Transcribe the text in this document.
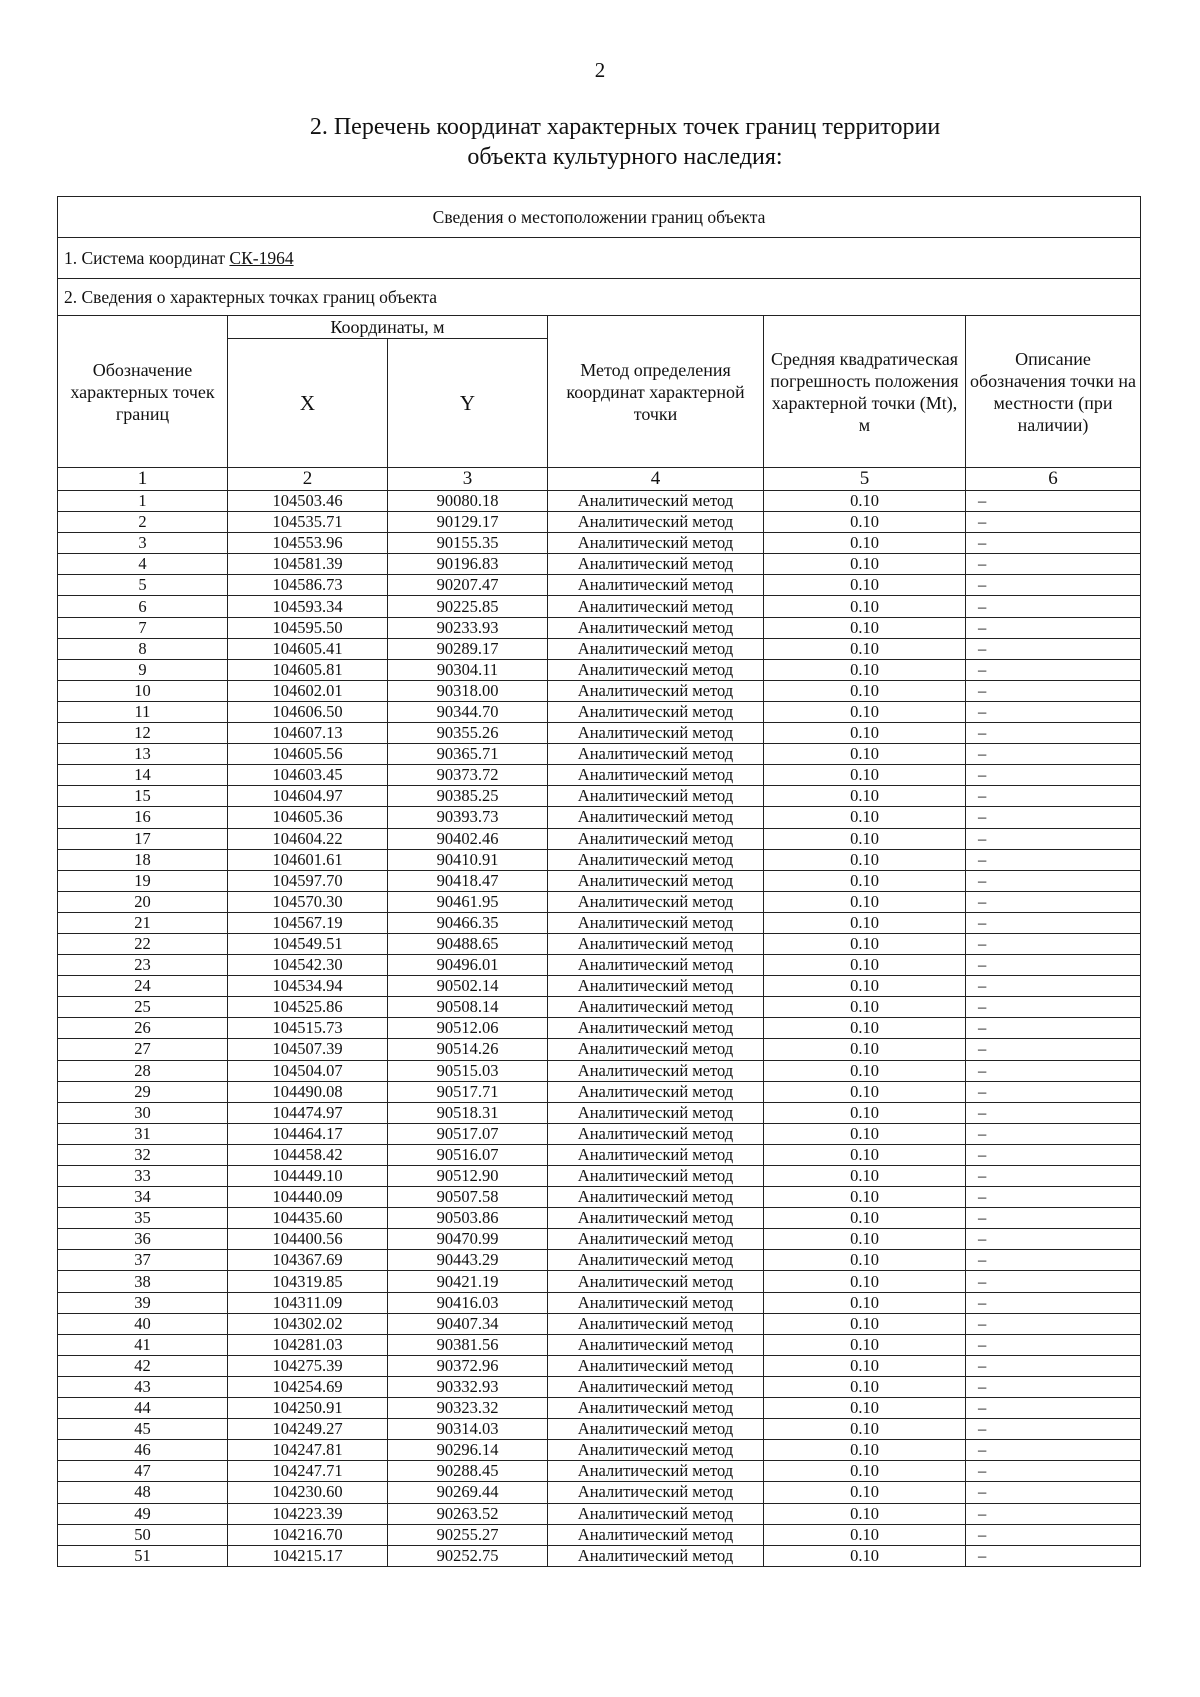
2
2. Перечень координат характерных точек границ территории
объекта культурного наследия:
Сведения о местоположении границ объекта					
1. Система координат СК-1964					
2. Сведения о характерных точках границ объекта					
Обозначение характерных точек границ	Координаты, м		Метод определения координат характерной точки	Средняя квадратическая погрешность положения характерной точки (Mt), м	Описание обозначения точки на местности (при наличии)
	X	Y			
1	2	3	4	5	6
1	104503.46	90080.18	Аналитический метод	0.10	–
2	104535.71	90129.17	Аналитический метод	0.10	–
3	104553.96	90155.35	Аналитический метод	0.10	–
4	104581.39	90196.83	Аналитический метод	0.10	–
5	104586.73	90207.47	Аналитический метод	0.10	–
6	104593.34	90225.85	Аналитический метод	0.10	–
7	104595.50	90233.93	Аналитический метод	0.10	–
8	104605.41	90289.17	Аналитический метод	0.10	–
9	104605.81	90304.11	Аналитический метод	0.10	–
10	104602.01	90318.00	Аналитический метод	0.10	–
11	104606.50	90344.70	Аналитический метод	0.10	–
12	104607.13	90355.26	Аналитический метод	0.10	–
13	104605.56	90365.71	Аналитический метод	0.10	–
14	104603.45	90373.72	Аналитический метод	0.10	–
15	104604.97	90385.25	Аналитический метод	0.10	–
16	104605.36	90393.73	Аналитический метод	0.10	–
17	104604.22	90402.46	Аналитический метод	0.10	–
18	104601.61	90410.91	Аналитический метод	0.10	–
19	104597.70	90418.47	Аналитический метод	0.10	–
20	104570.30	90461.95	Аналитический метод	0.10	–
21	104567.19	90466.35	Аналитический метод	0.10	–
22	104549.51	90488.65	Аналитический метод	0.10	–
23	104542.30	90496.01	Аналитический метод	0.10	–
24	104534.94	90502.14	Аналитический метод	0.10	–
25	104525.86	90508.14	Аналитический метод	0.10	–
26	104515.73	90512.06	Аналитический метод	0.10	–
27	104507.39	90514.26	Аналитический метод	0.10	–
28	104504.07	90515.03	Аналитический метод	0.10	–
29	104490.08	90517.71	Аналитический метод	0.10	–
30	104474.97	90518.31	Аналитический метод	0.10	–
31	104464.17	90517.07	Аналитический метод	0.10	–
32	104458.42	90516.07	Аналитический метод	0.10	–
33	104449.10	90512.90	Аналитический метод	0.10	–
34	104440.09	90507.58	Аналитический метод	0.10	–
35	104435.60	90503.86	Аналитический метод	0.10	–
36	104400.56	90470.99	Аналитический метод	0.10	–
37	104367.69	90443.29	Аналитический метод	0.10	–
38	104319.85	90421.19	Аналитический метод	0.10	–
39	104311.09	90416.03	Аналитический метод	0.10	–
40	104302.02	90407.34	Аналитический метод	0.10	–
41	104281.03	90381.56	Аналитический метод	0.10	–
42	104275.39	90372.96	Аналитический метод	0.10	–
43	104254.69	90332.93	Аналитический метод	0.10	–
44	104250.91	90323.32	Аналитический метод	0.10	–
45	104249.27	90314.03	Аналитический метод	0.10	–
46	104247.81	90296.14	Аналитический метод	0.10	–
47	104247.71	90288.45	Аналитический метод	0.10	–
48	104230.60	90269.44	Аналитический метод	0.10	–
49	104223.39	90263.52	Аналитический метод	0.10	–
50	104216.70	90255.27	Аналитический метод	0.10	–
51	104215.17	90252.75	Аналитический метод	0.10	–
